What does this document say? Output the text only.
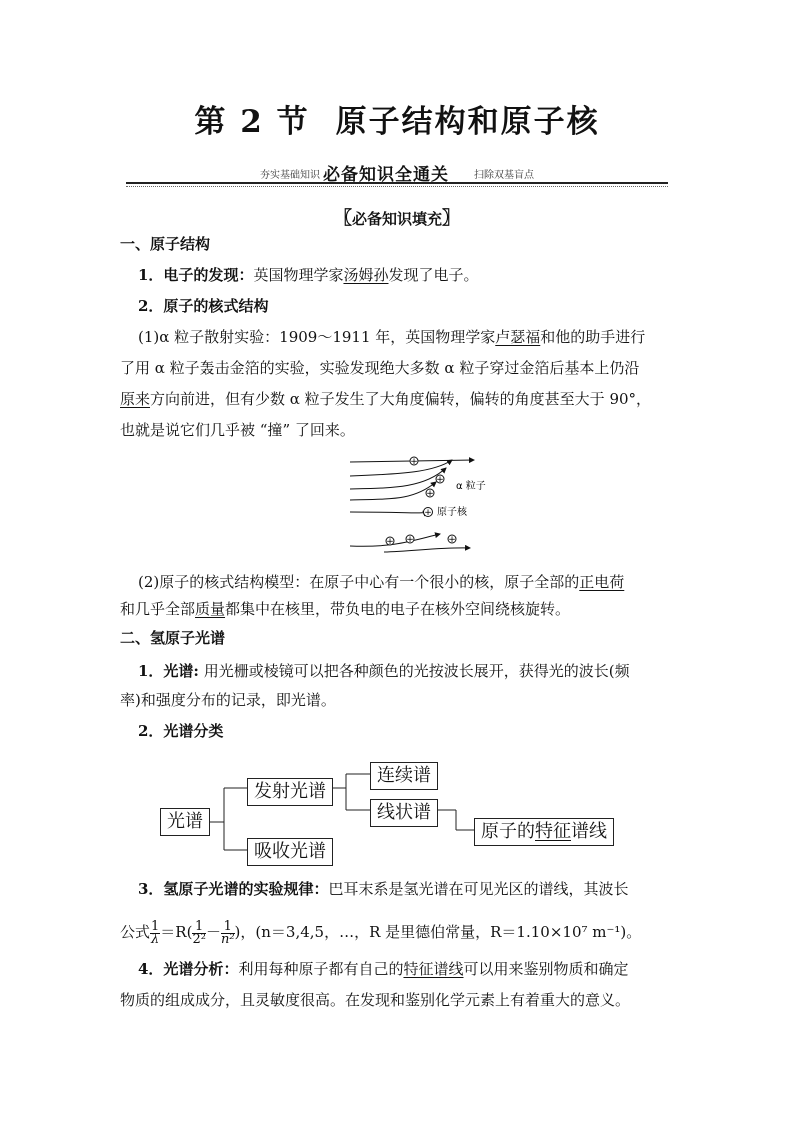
第 2 节 原子结构和原子核
夯实基础知识 必备知识全通关	扫除双基盲点
〖必备知识填充〗
一、原子结构
1．电子的发现：英国物理学家汤姆孙发现了电子。
2．原子的核式结构
(1)α 粒子散射实验：1909～1911 年，英国物理学家卢瑟福和他的助手进行
了用 α 粒子轰击金箔的实验，实验发现绝大多数 α 粒子穿过金箔后基本上仍沿
原来方向前进，但有少数 α 粒子发生了大角度偏转，偏转的角度甚至大于 90°，
也就是说它们几乎被 “撞” 了回来。
+
+
+
+
+ +	+
α 粒子
原子核
(2)原子的核式结构模型：在原子中心有一个很小的核，原子全部的正电荷
和几乎全部质量都集中在核里，带负电的电子在核外空间绕核旋转。
二、氢原子光谱
1．光谱: 用光栅或棱镜可以把各种颜色的光按波长展开，获得光的波长(频
率)和强度分布的记录，即光谱。
2．光谱分类
光谱
发射光谱
吸收光谱
连续谱
线状谱
原子的特征谱线
3．氢原子光谱的实验规律：巴耳末系是氢光谱在可见光区的谱线，其波长
公式 $\frac{1}{\lambda} =R( \frac{1}{\text{2²}} - \frac{1}{\text{n²}}$ )，(n＝3,4,5，…，R 是里德伯常量，R＝1.10×10⁷ m⁻¹)。
4．光谱分析：利用每种原子都有自己的特征谱线可以用来鉴别物质和确定
物质的组成成分，且灵敏度很高。在发现和鉴别化学元素上有着重大的意义。
